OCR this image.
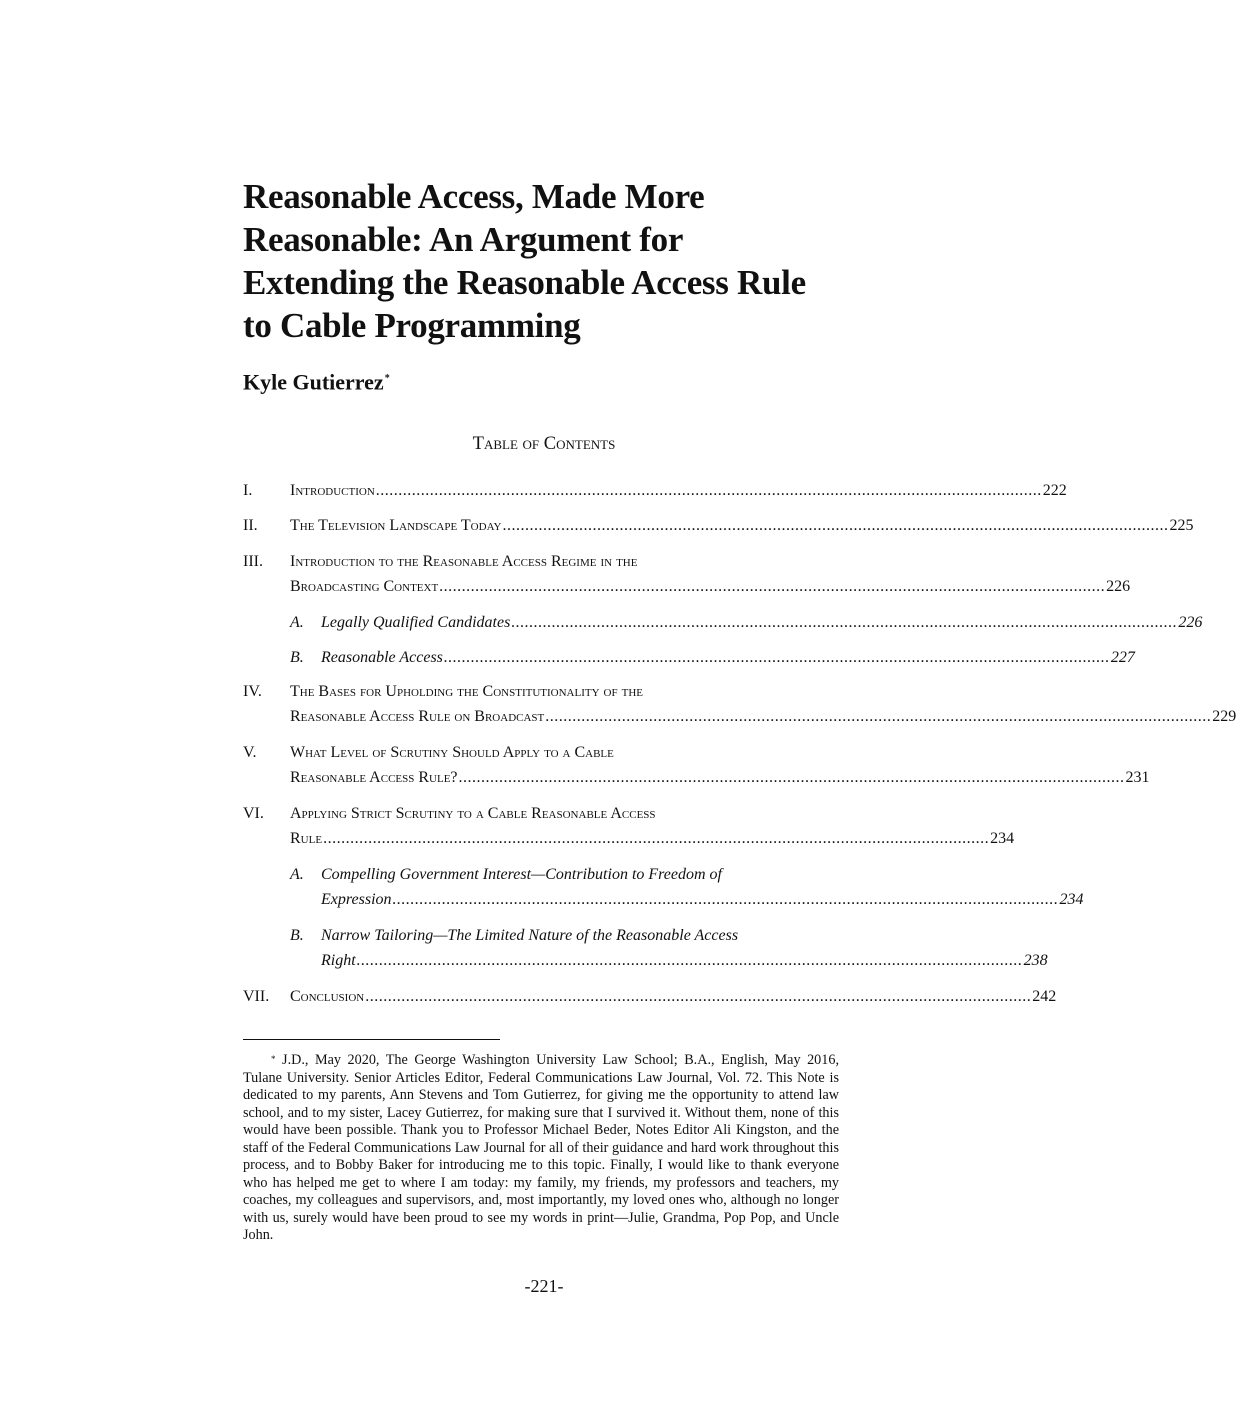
Reasonable Access, Made More
Reasonable: An Argument for
Extending the Reasonable Access Rule
to Cable Programming

Kyle Gutierrez*

Table of Contents

I. Introduction .................................................................................................................................................... 222
II. The Television Landscape Today .................................................................................................................................................... 225
III. Introduction to the Reasonable Access Regime in the
Broadcasting Context .................................................................................................................................................... 226
A. Legally Qualified Candidates .................................................................................................................................................... 226
B. Reasonable Access .................................................................................................................................................... 227
IV. The Bases for Upholding the Constitutionality of the
Reasonable Access Rule on Broadcast .................................................................................................................................................... 229
V. What Level of Scrutiny Should Apply to a Cable
Reasonable Access Rule? .................................................................................................................................................... 231
VI. Applying Strict Scrutiny to a Cable Reasonable Access
Rule .................................................................................................................................................... 234
A. Compelling Government Interest—Contribution to Freedom of
Expression .................................................................................................................................................... 234
B. Narrow Tailoring—The Limited Nature of the Reasonable Access
Right .................................................................................................................................................... 238
VII. Conclusion .................................................................................................................................................... 242

* J.D., May 2020, The George Washington University Law School; B.A., English, May 2016, Tulane University. Senior Articles Editor, Federal Communications Law Journal, Vol. 72. This Note is dedicated to my parents, Ann Stevens and Tom Gutierrez, for giving me the opportunity to attend law school, and to my sister, Lacey Gutierrez, for making sure that I survived it. Without them, none of this would have been possible. Thank you to Professor Michael Beder, Notes Editor Ali Kingston, and the staff of the Federal Communications Law Journal for all of their guidance and hard work throughout this process, and to Bobby Baker for introducing me to this topic. Finally, I would like to thank everyone who has helped me get to where I am today: my family, my friends, my professors and teachers, my coaches, my colleagues and supervisors, and, most importantly, my loved ones who, although no longer with us, surely would have been proud to see my words in print—Julie, Grandma, Pop Pop, and Uncle John.

-221-
